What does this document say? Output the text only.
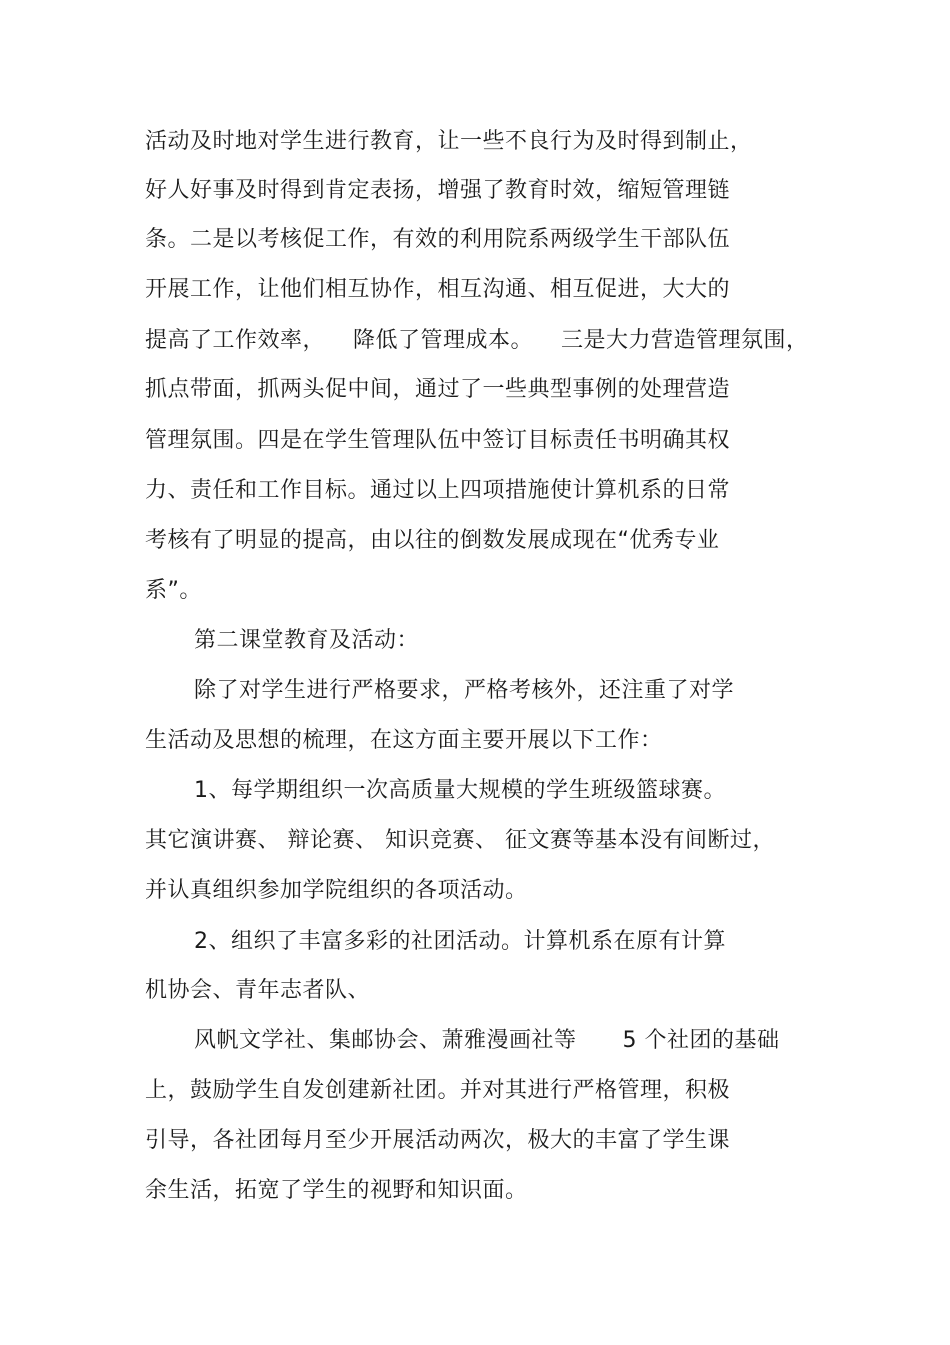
活动及时地对学生进行教育，让一些不良行为及时得到制止，
好人好事及时得到肯定表扬，增强了教育时效，缩短管理链
条。二是以考核促工作，有效的利用院系两级学生干部队伍
开展工作，让他们相互协作，相互沟通、相互促进，大大的
提高了工作效率， 降低了管理成本。 三是大力营造管理氛围，
抓点带面，抓两头促中间，通过了一些典型事例的处理营造
管理氛围。四是在学生管理队伍中签订目标责任书明确其权
力、责任和工作目标。通过以上四项措施使计算机系的日常
考核有了明显的提高，由以往的倒数发展成现在“优秀专业
系”。
第二课堂教育及活动：
除了对学生进行严格要求，严格考核外，还注重了对学
生活动及思想的梳理，在这方面主要开展以下工作：
1、每学期组织一次高质量大规模的学生班级篮球赛。
其它演讲赛、 辩论赛、 知识竞赛、 征文赛等基本没有间断过，
并认真组织参加学院组织的各项活动。
2、组织了丰富多彩的社团活动。计算机系在原有计算
机协会、青年志者队、
风帆文学社、集邮协会、萧雅漫画社等 5 个社团的基础
上，鼓励学生自发创建新社团。并对其进行严格管理，积极
引导，各社团每月至少开展活动两次，极大的丰富了学生课
余生活，拓宽了学生的视野和知识面。
